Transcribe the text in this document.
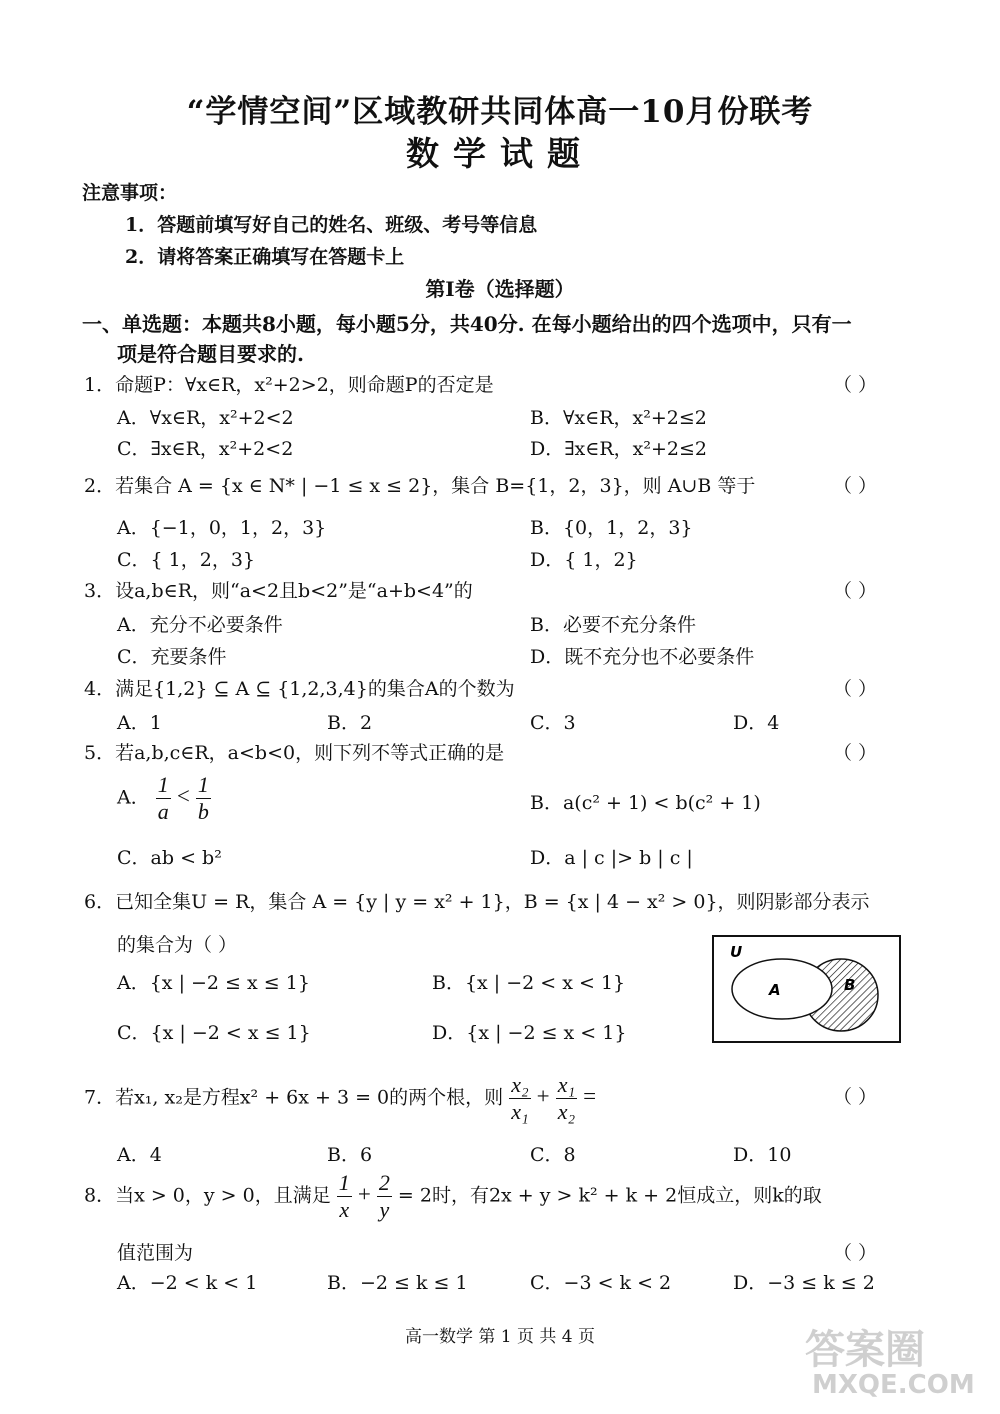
“学情空间”区域教研共同体高一10月份联考
数学试题
注意事项：
1．答题前填写好自己的姓名、班级、考号等信息
2．请将答案正确填写在答题卡上
第Ⅰ卷（选择题）
一、单选题：本题共8小题，每小题5分，共40分. 在每小题给出的四个选项中，只有一
项是符合题目要求的.
1．命题P：∀x∈R，x²+2>2，则命题P的否定是	（ ）
A．∀x∈R，x²+2<2	B．∀x∈R，x²+2≤2
C．∃x∈R，x²+2<2	D．∃x∈R，x²+2≤2
2．若集合 A = {x ∈ N* | −1 ≤ x ≤ 2}，集合 B={1，2，3}，则 A∪B 等于	（ ）
A．{−1，0，1，2，3}	B．{0，1，2，3}
C．{ 1，2，3}	D．{ 1，2}
3．设a,b∈R，则“a<2且b<2”是“a+b<4”的	（ ）
A．充分不必要条件	B．必要不充分条件
C．充要条件	D．既不充分也不必要条件
4．满足{1,2} ⊆ A ⊆ {1,2,3,4}的集合A的个数为	（ ）
A．1	B．2	C．3	D．4
5．若a,b,c∈R，a<b<0，则下列不等式正确的是	（ ）
A． $\frac{1}{a} < \frac{1}{b}$	B．a(c² + 1) < b(c² + 1)
C．ab < b²	D．a | c |> b | c |
6．已知全集U = R，集合 A = {y | y = x² + 1}，B = {x | 4 − x² > 0}，则阴影部分表示
的集合为（ ）
A．{x | −2 ≤ x ≤ 1}	B．{x | −2 < x < 1}
C．{x | −2 < x ≤ 1}	D．{x | −2 ≤ x < 1}
U
A	B
7．若x₁, x₂是方程x² + 6x + 3 = 0的两个根，则 $\frac{\text{x₂}}{\text{x₁}} + \frac{\text{x₁}}{\text{x₂}}$ =	（ ）
A．4	B．6	C．8	D．10
8．当x > 0，y > 0，且满足 $\frac{1}{x} + \frac{2}{y} = 2$时，有2x + y > k² + k + 2恒成立，则k的取
值范围为	（ ）
A．−2 < k < 1	B．−2 ≤ k ≤ 1	C．−3 < k < 2	D．−3 ≤ k ≤ 2
高一数学 第 1 页 共 4 页	答案圈
MXQE.COM
